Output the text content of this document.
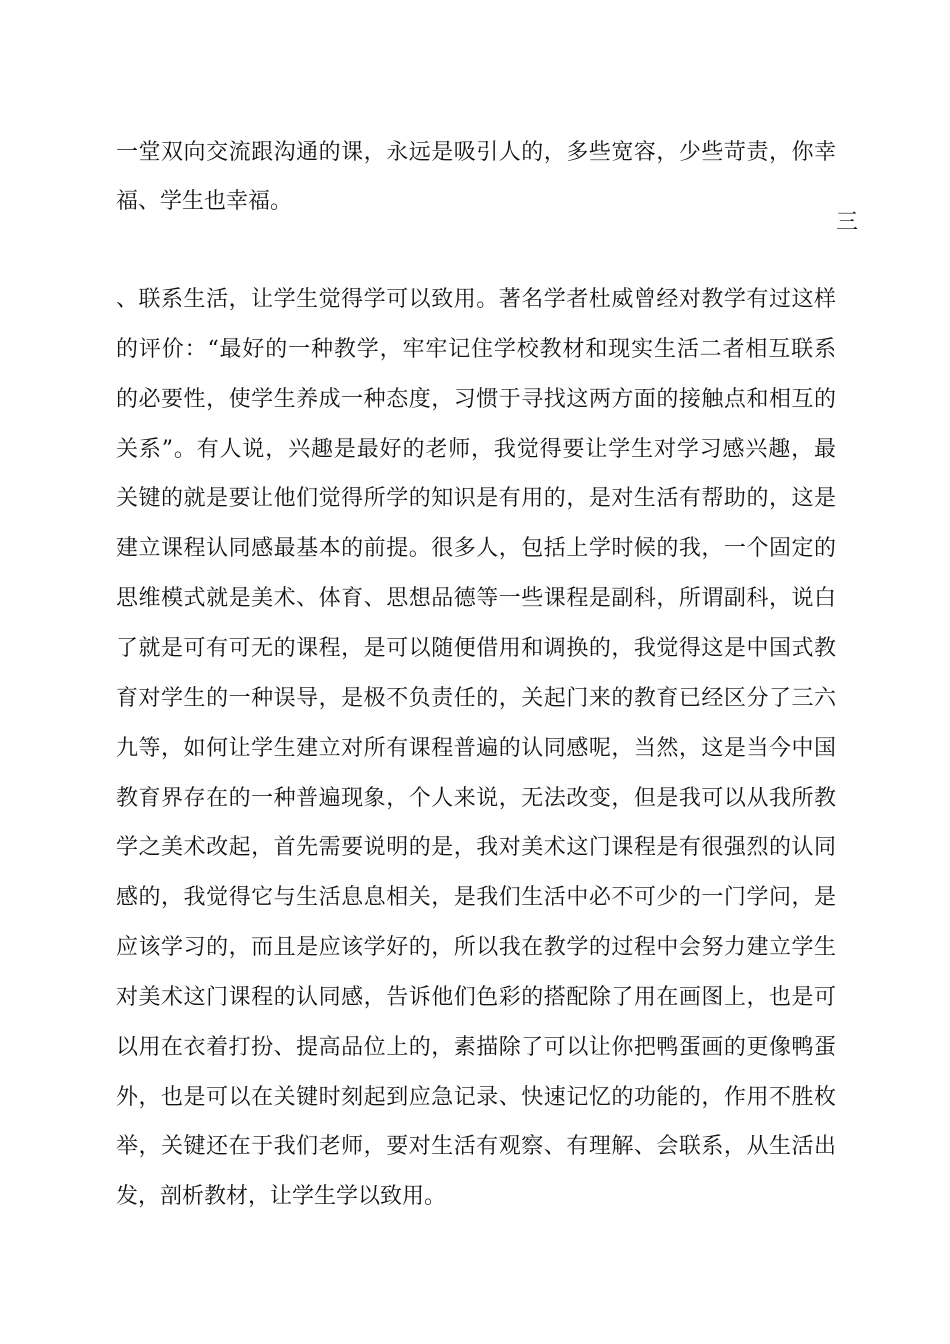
一堂双向交流跟沟通的课，永远是吸引人的，多些宽容，少些苛责，你幸
福、学生也幸福。
三
、联系生活，让学生觉得学可以致用。著名学者杜威曾经对教学有过这样
的评价：“最好的一种教学，牢牢记住学校教材和现实生活二者相互联系
的必要性，使学生养成一种态度，习惯于寻找这两方面的接触点和相互的
关系”。有人说，兴趣是最好的老师，我觉得要让学生对学习感兴趣，最
关键的就是要让他们觉得所学的知识是有用的，是对生活有帮助的，这是
建立课程认同感最基本的前提。很多人，包括上学时候的我，一个固定的
思维模式就是美术、体育、思想品德等一些课程是副科，所谓副科，说白
了就是可有可无的课程，是可以随便借用和调换的，我觉得这是中国式教
育对学生的一种误导，是极不负责任的，关起门来的教育已经区分了三六
九等，如何让学生建立对所有课程普遍的认同感呢，当然，这是当今中国
教育界存在的一种普遍现象，个人来说，无法改变，但是我可以从我所教
学之美术改起，首先需要说明的是，我对美术这门课程是有很强烈的认同
感的，我觉得它与生活息息相关，是我们生活中必不可少的一门学问，是
应该学习的，而且是应该学好的，所以我在教学的过程中会努力建立学生
对美术这门课程的认同感，告诉他们色彩的搭配除了用在画图上，也是可
以用在衣着打扮、提高品位上的，素描除了可以让你把鸭蛋画的更像鸭蛋
外，也是可以在关键时刻起到应急记录、快速记忆的功能的，作用不胜枚
举，关键还在于我们老师，要对生活有观察、有理解、会联系，从生活出
发，剖析教材，让学生学以致用。
